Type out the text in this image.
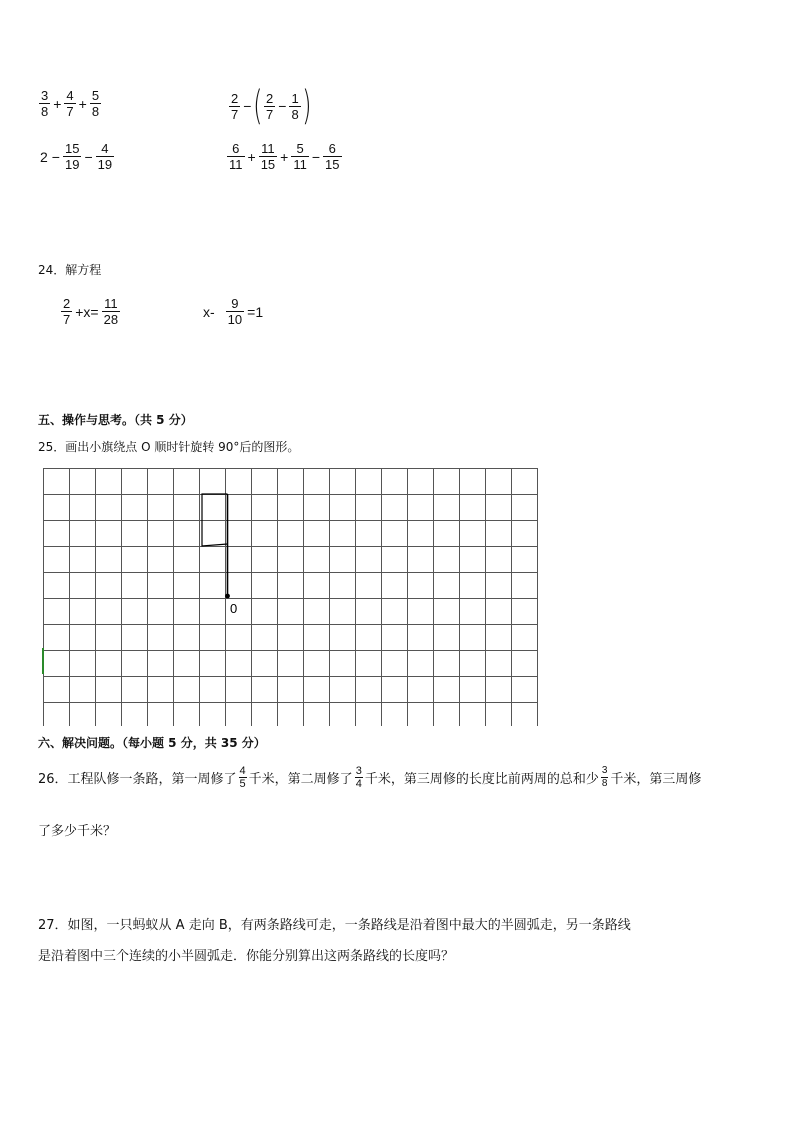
$\frac{3}{8} + \frac{4}{7} + \frac{5}{8}$	$\frac{2}{7}$ − ( $\frac{2}{7} - \frac{1}{8}$ )
$2 - \frac{15}{19} - \frac{4}{19}$	$\frac{6}{11} + \frac{11}{15} + \frac{5}{11} - \frac{6}{15}$
24．解方程
$\frac{2}{7} +x= \frac{11}{28}$	$x- \frac{9}{10} =1$
五、操作与思考。（共 5 分）
25．画出小旗绕点 O 顺时针旋转 90°后的图形。
0
六、解决问题。（每小题 5 分，共 35 分）
26．工程队修一条路，第一周修了 $\frac{4}{5}$ 千米，第二周修了 $\frac{3}{4}$ 千米，第三周修的长度比前两周的总和少 $\frac{3}{8}$ 千米，第三周修
了多少千米？
27．如图，一只蚂蚁从 A 走向 B，有两条路线可走，一条路线是沿着图中最大的半圆弧走，另一条路线
是沿着图中三个连续的小半圆弧走．你能分别算出这两条路线的长度吗？
